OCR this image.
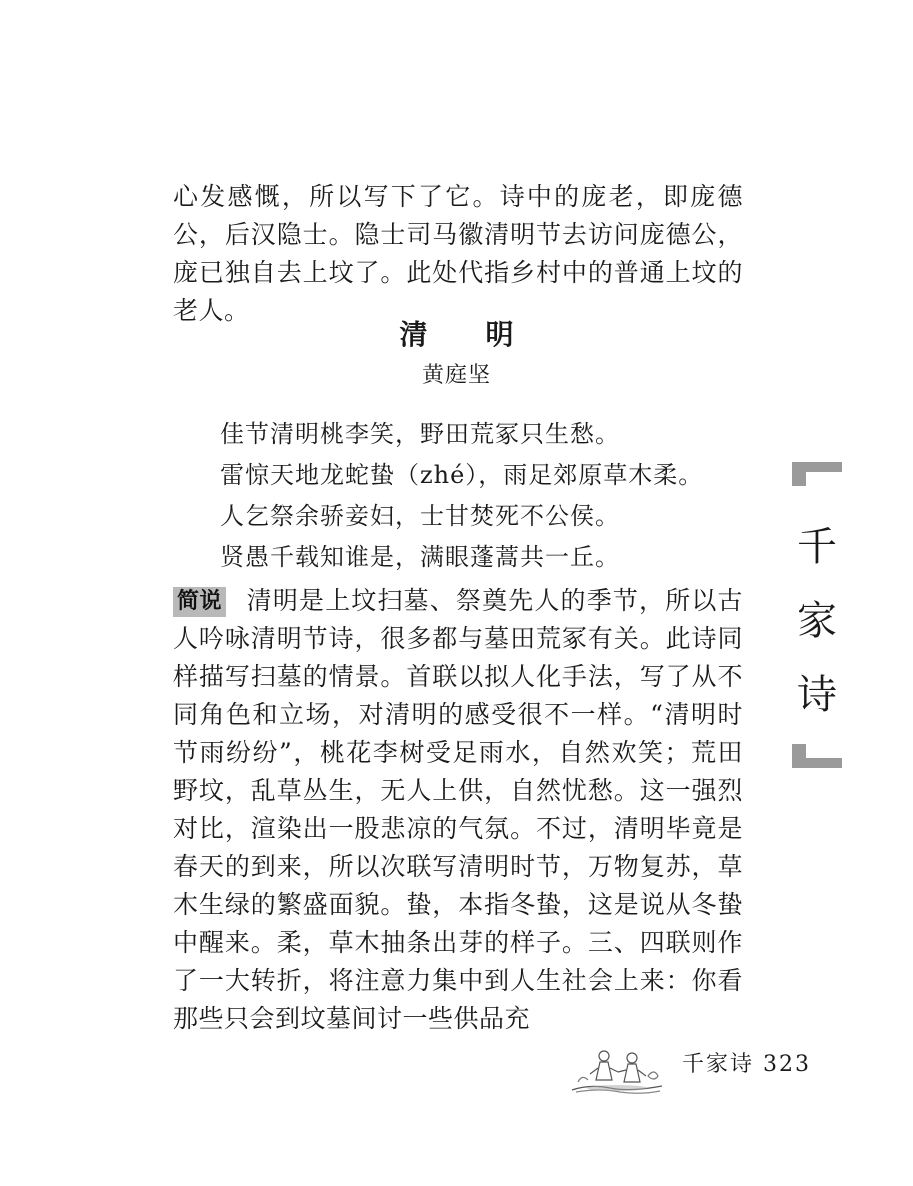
心发感慨，所以写下了它。诗中的庞老，即庞德公，后汉隐士。隐士司马徽清明节去访问庞德公，庞已独自去上坟了。此处代指乡村中的普通上坟的老人。

清 明
黄庭坚
佳节清明桃李笑，野田荒冢只生愁。
雷惊天地龙蛇蛰（zhé），雨足郊原草木柔。
人乞祭余骄妾妇，士甘焚死不公侯。
贤愚千载知谁是，满眼蓬蒿共一丘。

简说 清明是上坟扫墓、祭奠先人的季节，所以古人吟咏清明节诗，很多都与墓田荒冢有关。此诗同样描写扫墓的情景。首联以拟人化手法，写了从不同角色和立场，对清明的感受很不一样。“清明时节雨纷纷”，桃花李树受足雨水，自然欢笑；荒田野坟，乱草丛生，无人上供，自然忧愁。这一强烈对比，渲染出一股悲凉的气氛。不过，清明毕竟是春天的到来，所以次联写清明时节，万物复苏，草木生绿的繁盛面貌。蛰，本指冬蛰，这是说从冬蛰中醒来。柔，草木抽条出芽的样子。三、四联则作了一大转折，将注意力集中到人生社会上来：你看那些只会到坟墓间讨一些供品充

千
家
诗
千家诗 323
